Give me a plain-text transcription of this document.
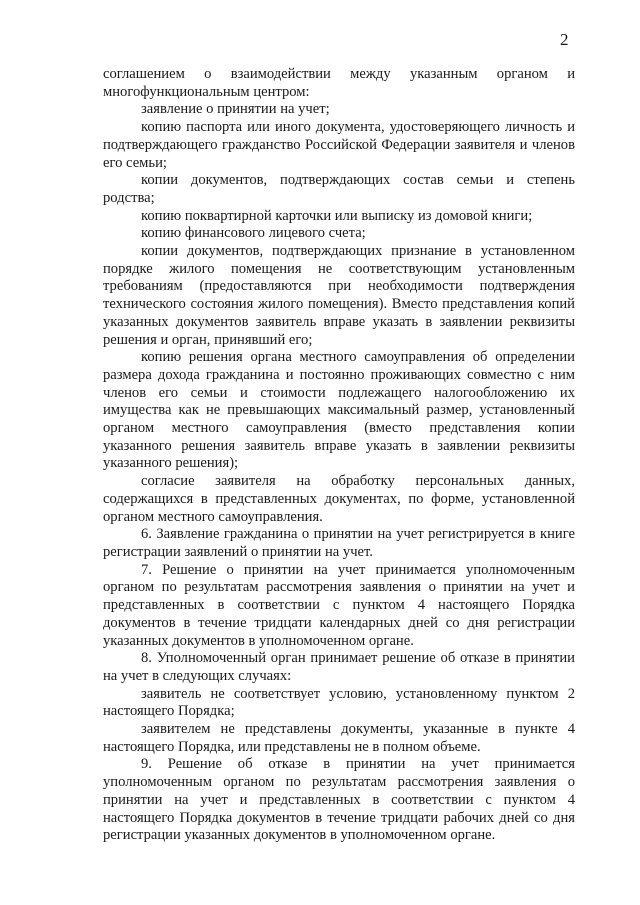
2

соглашением о взаимодействии между указанным органом и многофункциональным центром:

заявление о принятии на учет;

копию паспорта или иного документа, удостоверяющего личность и подтверждающего гражданство Российской Федерации заявителя и членов его семьи;

копии документов, подтверждающих состав семьи и степень родства;

копию поквартирной карточки или выписку из домовой книги;

копию финансового лицевого счета;

копии документов, подтверждающих признание в установленном порядке жилого помещения не соответствующим установленным требованиям (предоставляются при необходимости подтверждения технического состояния жилого помещения). Вместо представления копий указанных документов заявитель вправе указать в заявлении реквизиты решения и орган, принявший его;

копию решения органа местного самоуправления об определении размера дохода гражданина и постоянно проживающих совместно с ним членов его семьи и стоимости подлежащего налогообложению их имущества как не превышающих максимальный размер, установленный органом местного самоуправления (вместо представления копии указанного решения заявитель вправе указать в заявлении реквизиты указанного решения);

согласие заявителя на обработку персональных данных, содержащихся в представленных документах, по форме, установленной органом местного самоуправления.

6. Заявление гражданина о принятии на учет регистрируется в книге регистрации заявлений о принятии на учет.

7. Решение о принятии на учет принимается уполномоченным органом по результатам рассмотрения заявления о принятии на учет и представленных в соответствии с пунктом 4 настоящего Порядка документов в течение тридцати календарных дней со дня регистрации указанных документов в уполномоченном органе.

8. Уполномоченный орган принимает решение об отказе в принятии на учет в следующих случаях:

заявитель не соответствует условию, установленному пунктом 2 настоящего Порядка;

заявителем не представлены документы, указанные в пункте 4 настоящего Порядка, или представлены не в полном объеме.

9. Решение об отказе в принятии на учет принимается уполномоченным органом по результатам рассмотрения заявления о принятии на учет и представленных в соответствии с пунктом 4 настоящего Порядка документов в течение тридцати рабочих дней со дня регистрации указанных документов в уполномоченном органе.
